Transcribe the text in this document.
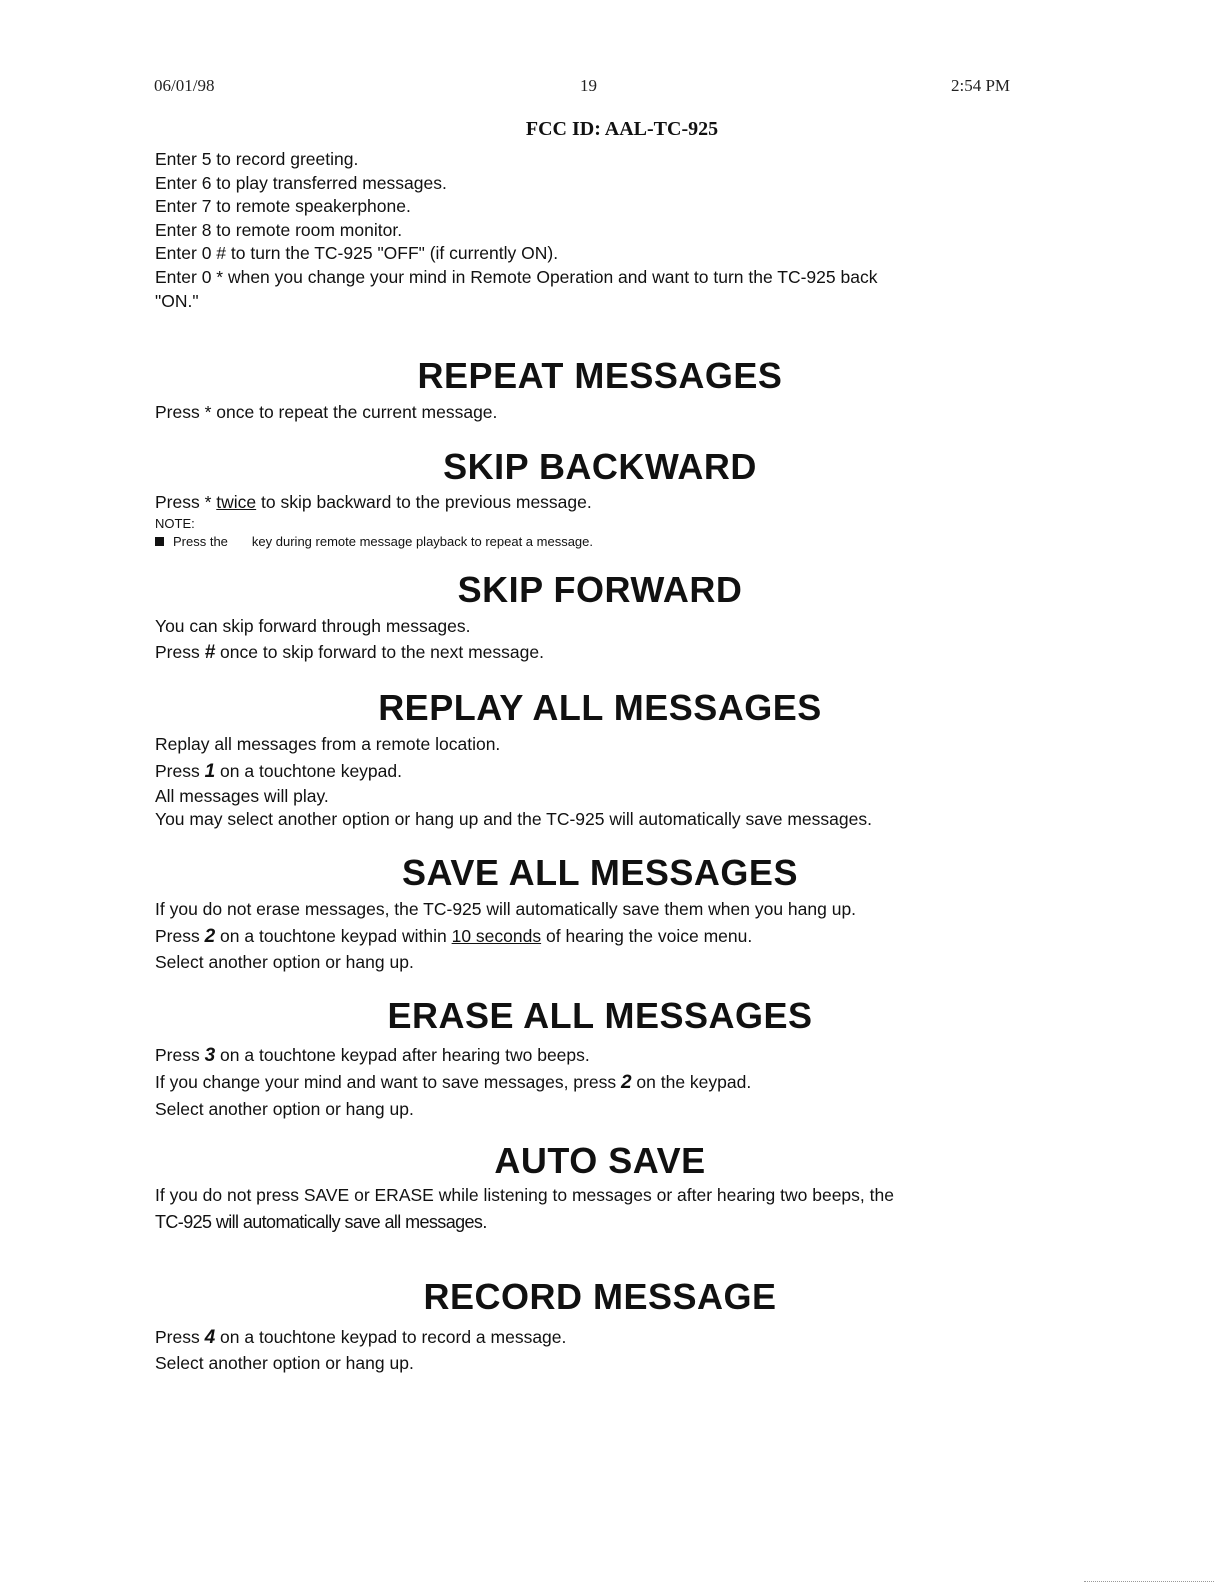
06/01/98	19	2:54 PM
FCC ID: AAL-TC-925
Enter 5 to record greeting.
Enter 6 to play transferred messages.
Enter 7 to remote speakerphone.
Enter 8 to remote room monitor.
Enter 0 # to turn the TC-925 "OFF" (if currently ON).
Enter 0 * when you change your mind in Remote Operation and want to turn the TC-925 back
"ON."
REPEAT MESSAGES
Press * once to repeat the current message.
SKIP BACKWARD
Press * twice to skip backward to the previous message.
NOTE:
Press the key during remote message playback to repeat a message.
SKIP FORWARD
You can skip forward through messages.
Press # once to skip forward to the next message.
REPLAY ALL MESSAGES
Replay all messages from a remote location.
Press 1 on a touchtone keypad.
All messages will play.
You may select another option or hang up and the TC-925 will automatically save messages.
SAVE ALL MESSAGES
If you do not erase messages, the TC-925 will automatically save them when you hang up.
Press 2 on a touchtone keypad within 10 seconds of hearing the voice menu.
Select another option or hang up.
ERASE ALL MESSAGES
Press 3 on a touchtone keypad after hearing two beeps.
If you change your mind and want to save messages, press 2 on the keypad.
Select another option or hang up.
AUTO SAVE
If you do not press SAVE or ERASE while listening to messages or after hearing two beeps, the
TC-925 will automatically save all messages.
RECORD MESSAGE
Press 4 on a touchtone keypad to record a message.
Select another option or hang up.
